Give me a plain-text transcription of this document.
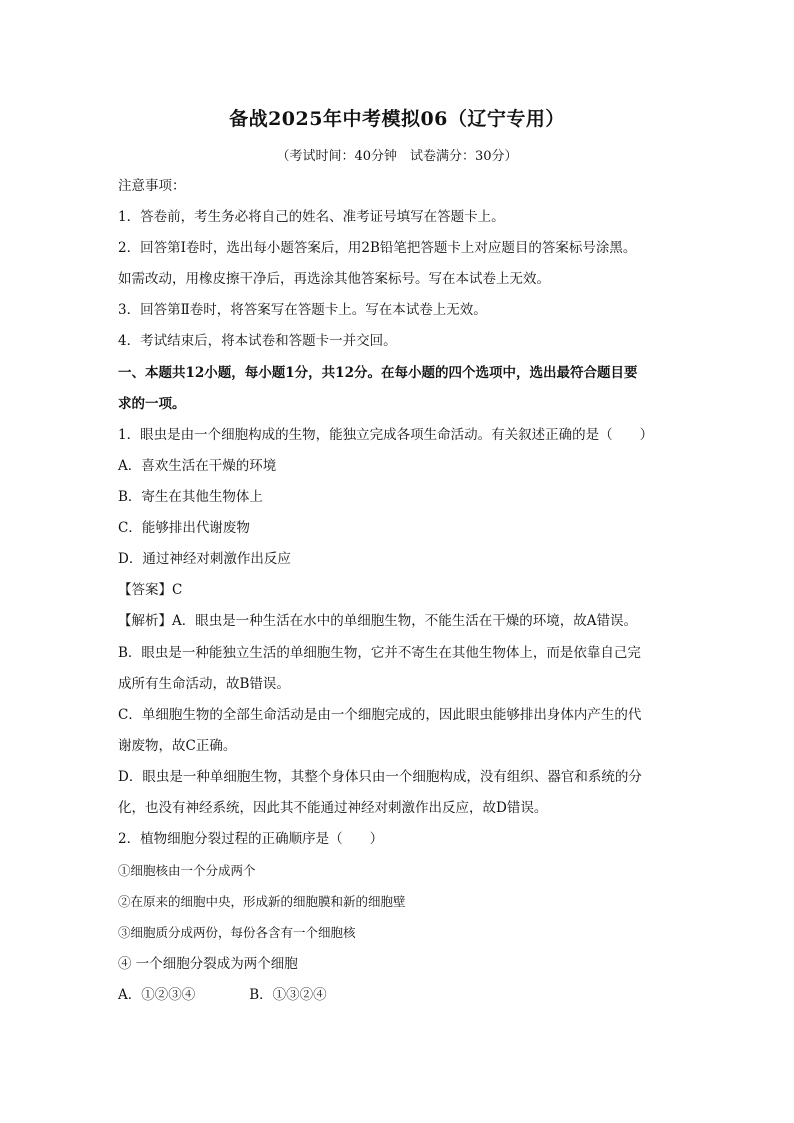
备战2025年中考模拟06（辽宁专用）
（考试时间：40分钟　试卷满分：30分）
注意事项：
1．答卷前，考生务必将自己的姓名、准考证号填写在答题卡上。
2．回答第Ⅰ卷时，选出每小题答案后，用2B铅笔把答题卡上对应题目的答案标号涂黑。
如需改动，用橡皮擦干净后，再选涂其他答案标号。写在本试卷上无效。
3．回答第Ⅱ卷时，将答案写在答题卡上。写在本试卷上无效。
4．考试结束后，将本试卷和答题卡一并交回。
一、本题共12小题，每小题1分，共12分。在每小题的四个选项中，选出最符合题目要
求的一项。
1．眼虫是由一个细胞构成的生物，能独立完成各项生命活动。有关叙述正确的是（　　）
A．喜欢生活在干燥的环境
B．寄生在其他生物体上
C．能够排出代谢废物
D．通过神经对刺激作出反应
【答案】C
【解析】A．眼虫是一种生活在水中的单细胞生物，不能生活在干燥的环境，故A错误。
B．眼虫是一种能独立生活的单细胞生物，它并不寄生在其他生物体上，而是依靠自己完
成所有生命活动，故B错误。
C．单细胞生物的全部生命活动是由一个细胞完成的，因此眼虫能够排出身体内产生的代
谢废物，故C正确。
D．眼虫是一种单细胞生物，其整个身体只由一个细胞构成，没有组织、器官和系统的分
化，也没有神经系统，因此其不能通过神经对刺激作出反应，故D错误。
2．植物细胞分裂过程的正确顺序是（　　）
①细胞核由一个分成两个
②在原来的细胞中央，形成新的细胞膜和新的细胞壁
③细胞质分成两份，每份各含有一个细胞核
④ 一个细胞分裂成为两个细胞
A．①②③④　　　　B．①③②④
